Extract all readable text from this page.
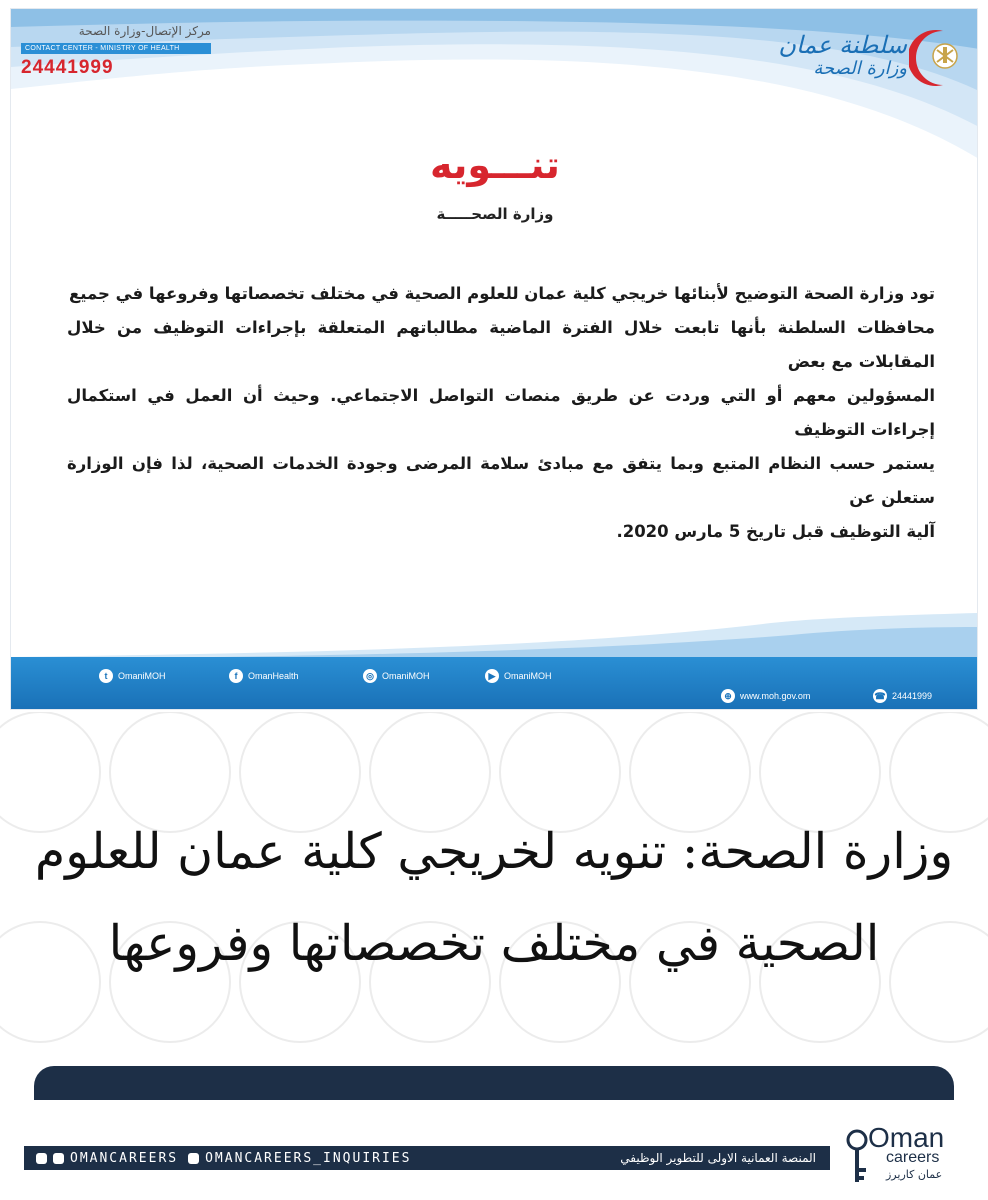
مركز الإتصال-وزارة الصحة
CONTACT CENTER - MINISTRY OF HEALTH
24441999
سلطنة عمان
وزارة الصحة
تنـــويه
وزارة الصحـــــة

تود وزارة الصحة التوضيح لأبنائها خريجي كلية عمان للعلوم الصحية في مختلف تخصصاتها وفروعها في جميع

محافظات السلطنة بأنها تابعت خلال الفترة الماضية مطالباتهم المتعلقة بإجراءات التوظيف من خلال المقابلات مع بعض

المسؤولين معهم أو التي وردت عن طريق منصات التواصل الاجتماعي. وحيث أن العمل في استكمال إجراءات التوظيف

يستمر حسب النظام المتبع وبما يتفق مع مبادئ سلامة المرضى وجودة الخدمات الصحية، لذا فإن الوزارة ستعلن عن

آلية التوظيف قبل تاريخ 5 مارس 2020.

t	OmaniMOH	f	OmanHealth	◎ OmaniMOH	▶ OmaniMOH
⊕ www.moh.gov.om	☎ 24441999
وزارة الصحة: تنويه لخريجي كلية عمان للعلوم الصحية في مختلف تخصصاتها وفروعها
OMANCAREERS OMANCAREERS_INQUIRIES	المنصة العمانية الاولى للتطوير الوظيفي
Oman
careers
عمان كاريرز
